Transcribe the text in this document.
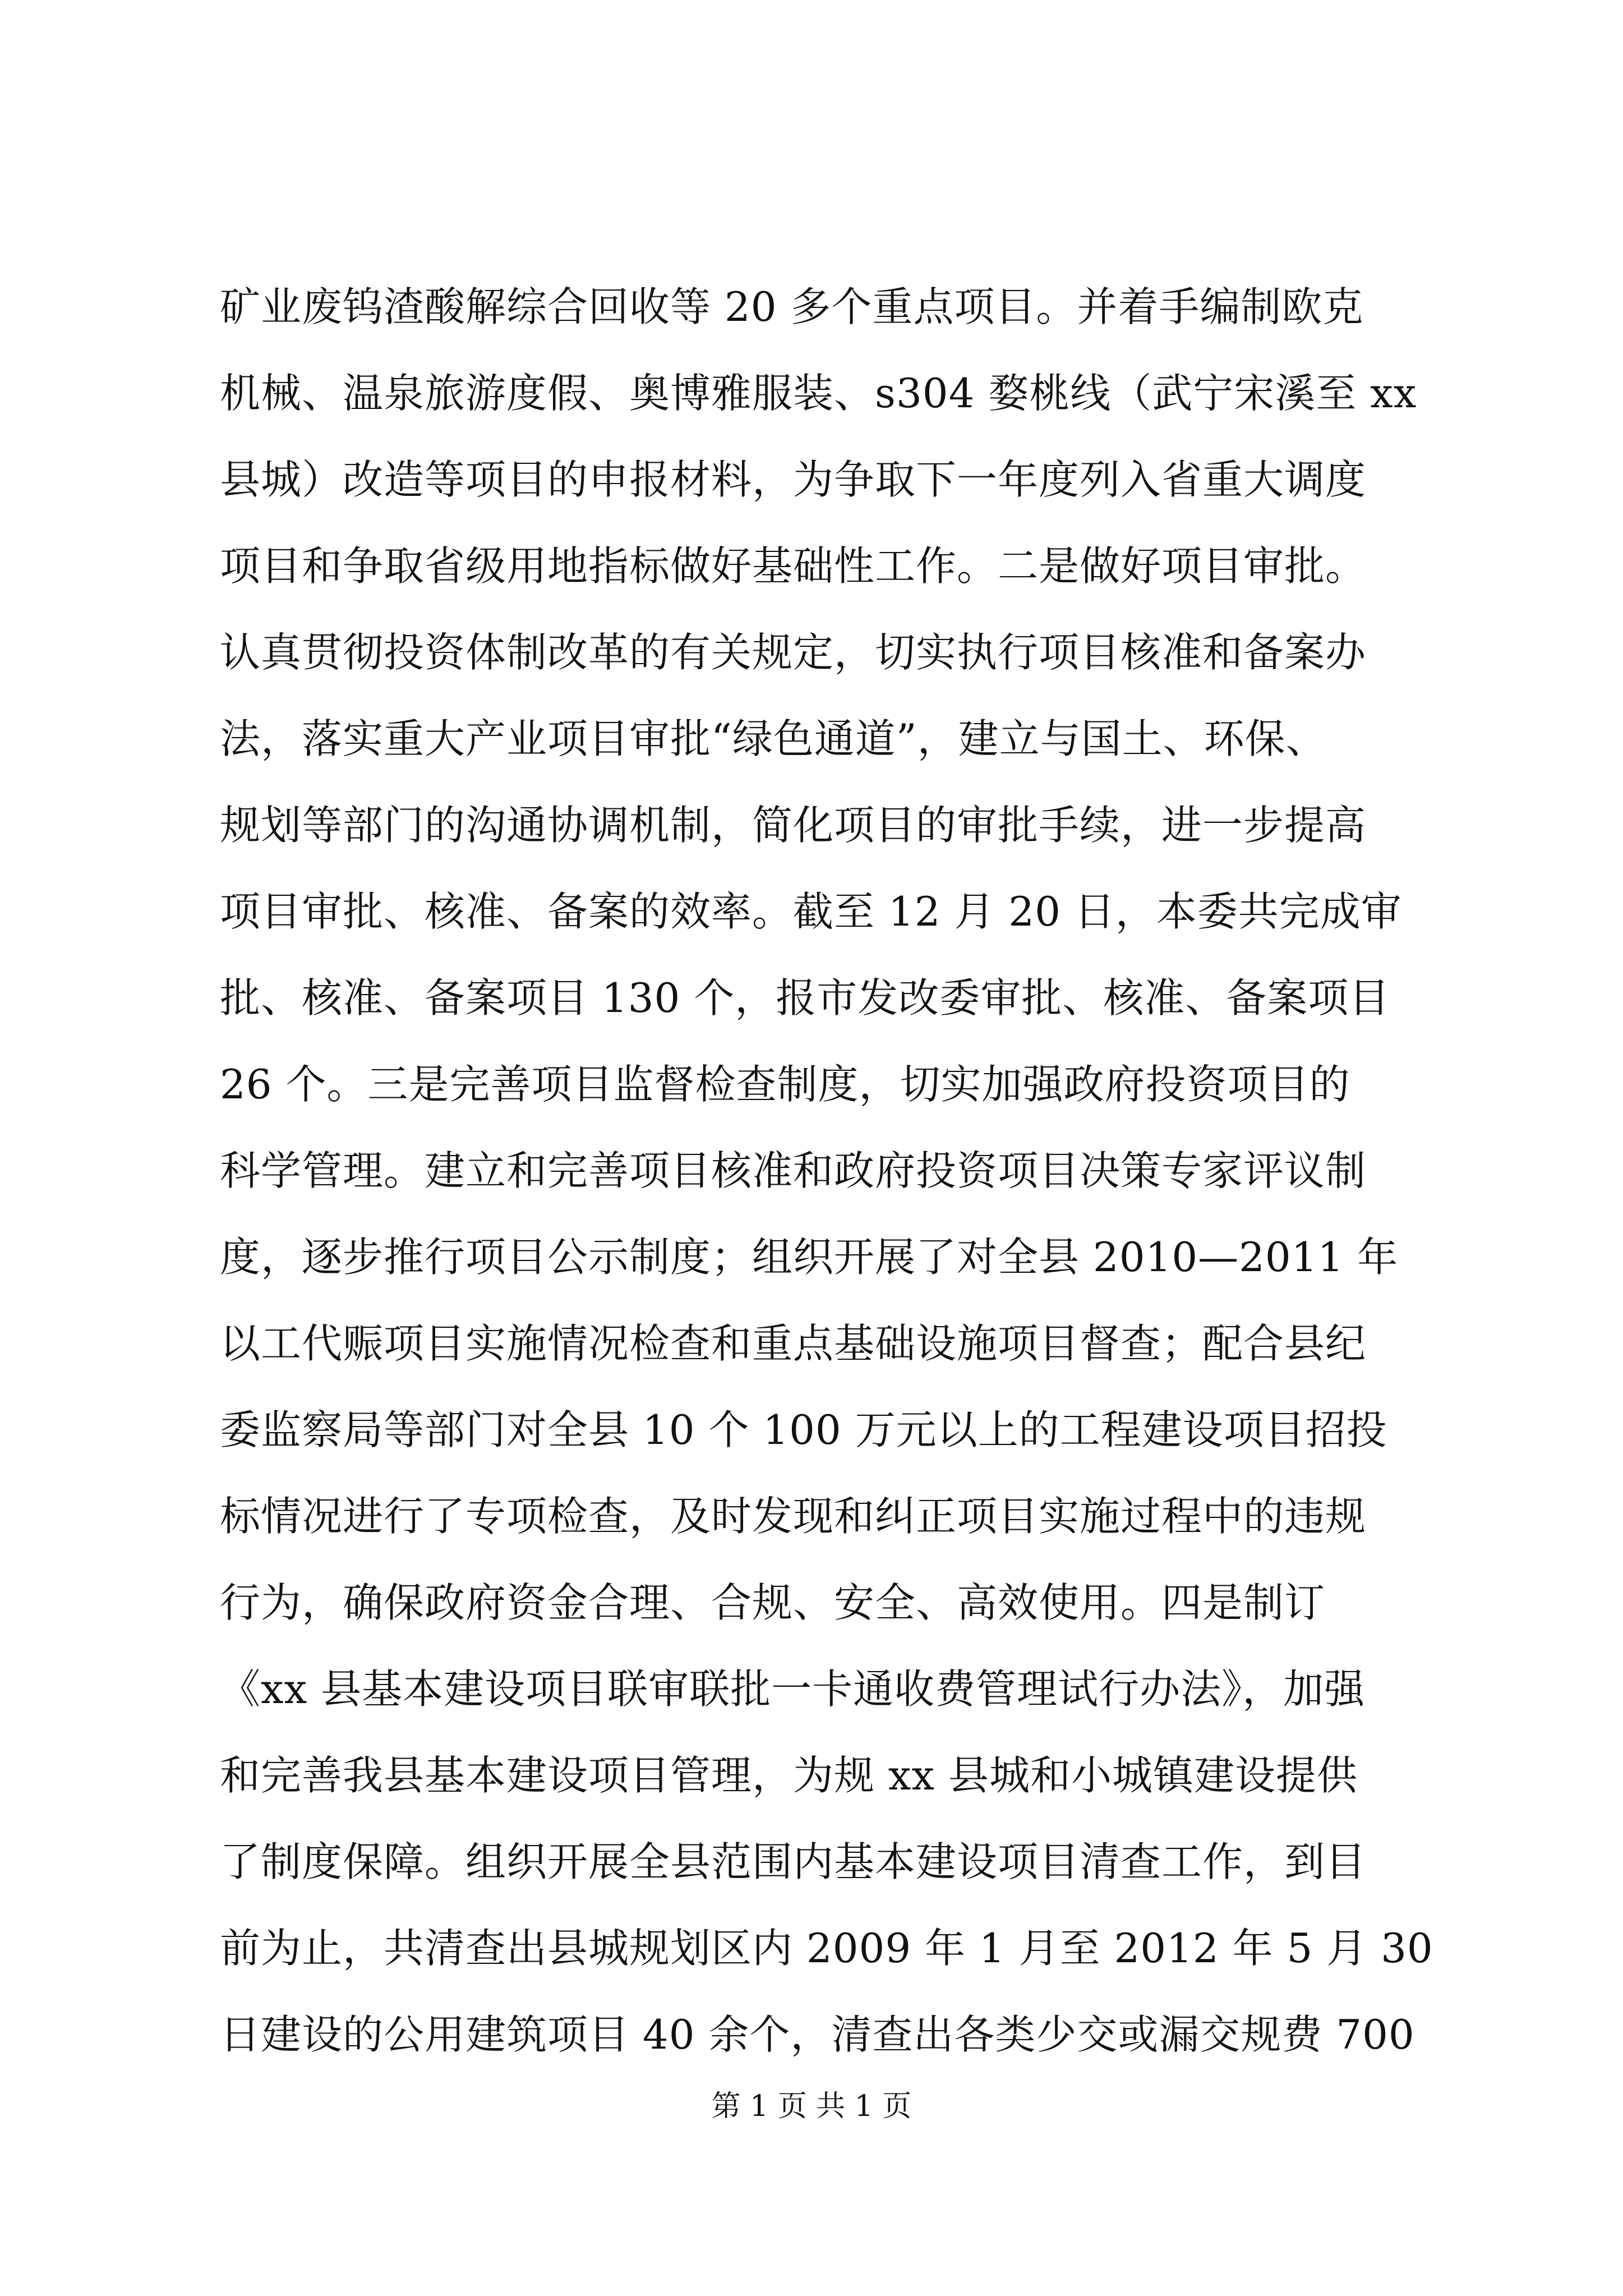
矿业废钨渣酸解综合回收等 20 多个重点项目。并着手编制欧克
机械、温泉旅游度假、奥博雅服装、s304 婺桃线（武宁宋溪至 xx
县城）改造等项目的申报材料，为争取下一年度列入省重大调度
项目和争取省级用地指标做好基础性工作。二是做好项目审批。
认真贯彻投资体制改革的有关规定，切实执行项目核准和备案办
法，落实重大产业项目审批“绿色通道”，建立与国土、环保、
规划等部门的沟通协调机制，简化项目的审批手续，进一步提高
项目审批、核准、备案的效率。截至 12 月 20 日，本委共完成审
批、核准、备案项目 130 个，报市发改委审批、核准、备案项目
26 个。三是完善项目监督检查制度，切实加强政府投资项目的
科学管理。建立和完善项目核准和政府投资项目决策专家评议制
度，逐步推行项目公示制度；组织开展了对全县 2010—2011 年
以工代赈项目实施情况检查和重点基础设施项目督查；配合县纪
委监察局等部门对全县 10 个 100 万元以上的工程建设项目招投
标情况进行了专项检查，及时发现和纠正项目实施过程中的违规
行为，确保政府资金合理、合规、安全、高效使用。四是制订
《xx 县基本建设项目联审联批一卡通收费管理试行办法》，加强
和完善我县基本建设项目管理，为规 xx 县城和小城镇建设提供
了制度保障。组织开展全县范围内基本建设项目清查工作，到目
前为止，共清查出县城规划区内 2009 年 1 月至 2012 年 5 月 30
日建设的公用建筑项目 40 余个，清查出各类少交或漏交规费 700
第 1 页 共 1 页
